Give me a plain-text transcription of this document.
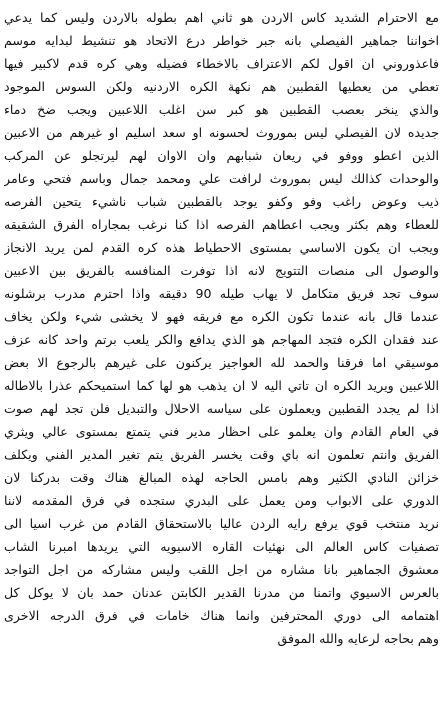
مع الاحترام الشديد كاس الاردن هو ثاني اهم بطوله بالاردن وليس كما يدعي
اخواننا جماهير الفيصلي بانه جبر خواطر درع الاتحاد هو تنشيط لبدايه موسم
فاعذوروني ان اقول لكم الاعتراف بالاخطاء فضيله وهي كره قدم لاكبير فيها
تعطي من يعطيها القطبين هم نكهة الكره الاردنيه ولكن السوس الموجود
والذي ينخر بعصب القطبين هو كبر سن اغلب اللاعبين ويجب ضخ دماء
جديده لان الفيصلي ليس بموروث لحسونه او سعد اسليم او غيرهم من الاعبين
الذين اعطو ووفو في ريعان شبابهم وان الاوان لهم ليرتجلو عن المركب
والوحدات كذالك ليس بموروث لرافت علي ومحمد جمال وباسم فتحي وعامر
ذيب وعوض راغب وفو وكفو يوجد بالقطبين شباب ناشيء يتحين الفرصه
للعطاء وهم بكثر ويجب اعطاهم الفرصه اذا كنا نرغب بمجاراه الفرق الشقيقه
ويجب ان يكون الاساسي بمستوى الاحطياط هذه كره القدم لمن يريد الانجاز
والوصول الى منصات التتويج لانه اذا توفرت المنافسه بالفريق بين الاعبين
سوف تجد فريق متكامل لا يهاب طيله 90 دقيقه واذا احترم مدرب برشلونه
عندما قال بانه عندما تكون الكره مع فريقه فهو لا يخشى شيء ولكن يخاف
عند فقدان الكره فتجد المهاجم هو الذي يدافع والكر يلعب برتم واحد كانه عزف
موسيقي اما فرقنا والحمد لله العواجيز يركنون على غيرهم بالرجوع الا بعض
اللاعبين ويريد الكره ان تاتي اليه لا ان يذهب هو لها كما استميحكم عذرا بالاطاله
اذا لم يجدد القطبين ويعملون على سياسه الاحلال والتبديل فلن تجد لهم صوت
في العام القادم وان يعلمو على احظار مدير فني يتمتع بمستوى عالي ويثري
الفريق وانتم تعلمون انه باي وقت يخسر الفريق يتم تغير المدير الفني ويكلف
خزائن النادي الكثير وهم بامس الحاجه لهذه المبالغ هناك وقت بدركنا لان
الدوري على الابواب ومن يعمل على البدري ستجده في فرق المقدمه لاننا
نريد منتخب قوي يرفع رايه الردن عاليا بالاستحقاق القادم من غرب اسيا الى
تصفيات كاس العالم الى نهئيات القاره الاسيويه التي يريدها امبرنا الشاب
معشوق الجماهير بانا مشاره من اجل اللقب وليس مشاركه من اجل التواجد
بالعرس الاسيوي واتمنا من مدرنا القدير الكابتن عدنان حمد بان لا يوكل كل
اهتمامه الى دوري المحترفين وانما هناك خامات في فرق الدرجه الاخرى
وهم بحاجه لرعايه والله الموفق
